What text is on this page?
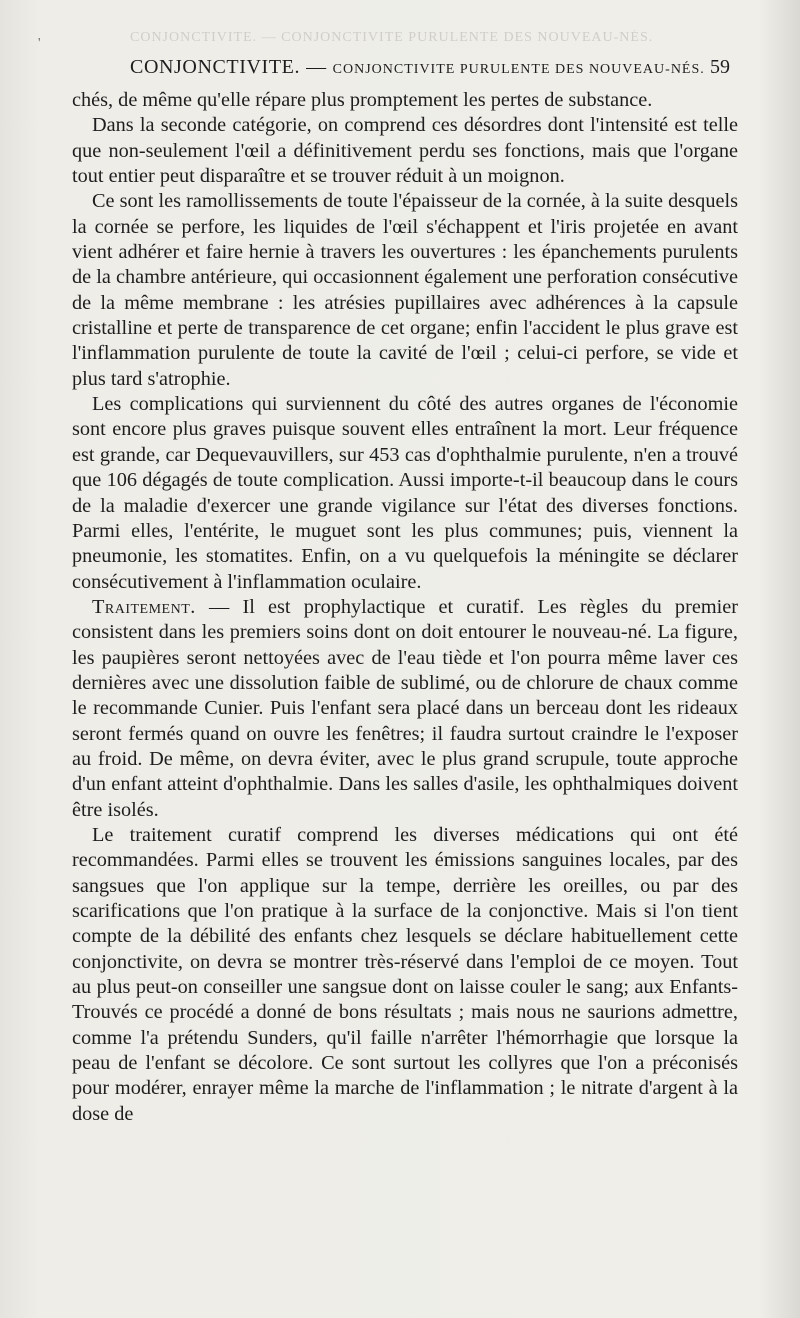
CONJONCTIVITE. — CONJONCTIVITE PURULENTE DES NOUVEAU-NÉS.
'
CONJONCTIVITE. — CONJONCTIVITE PURULENTE DES NOUVEAU-NÉS. 59

chés, de même qu'elle répare plus promptement les pertes de substance.

Dans la seconde catégorie, on comprend ces désordres dont l'intensité est telle que non-seulement l'œil a définitivement perdu ses fonctions, mais que l'organe tout entier peut disparaître et se trouver réduit à un moignon.

Ce sont les ramollissements de toute l'épaisseur de la cornée, à la suite desquels la cornée se perfore, les liquides de l'œil s'échappent et l'iris projetée en avant vient adhérer et faire hernie à travers les ouvertures : les épanchements purulents de la chambre antérieure, qui occasionnent également une perforation consécutive de la même membrane : les atrésies pupillaires avec adhérences à la capsule cristalline et perte de transparence de cet organe; enfin l'accident le plus grave est l'inflammation purulente de toute la cavité de l'œil ; celui-ci perfore, se vide et plus tard s'atrophie.

Les complications qui surviennent du côté des autres organes de l'économie sont encore plus graves puisque souvent elles entraînent la mort. Leur fréquence est grande, car Dequevauvillers, sur 453 cas d'ophthalmie purulente, n'en a trouvé que 106 dégagés de toute complication. Aussi importe-t-il beaucoup dans le cours de la maladie d'exercer une grande vigilance sur l'état des diverses fonctions. Parmi elles, l'entérite, le muguet sont les plus communes; puis, viennent la pneumonie, les stomatites. Enfin, on a vu quelquefois la méningite se déclarer consécutivement à l'inflammation oculaire.

Traitement. — Il est prophylactique et curatif. Les règles du premier consistent dans les premiers soins dont on doit entourer le nouveau-né. La figure, les paupières seront nettoyées avec de l'eau tiède et l'on pourra même laver ces dernières avec une dissolution faible de sublimé, ou de chlorure de chaux comme le recommande Cunier. Puis l'enfant sera placé dans un berceau dont les rideaux seront fermés quand on ouvre les fenêtres; il faudra surtout craindre le l'exposer au froid. De même, on devra éviter, avec le plus grand scrupule, toute approche d'un enfant atteint d'ophthalmie. Dans les salles d'asile, les ophthalmiques doivent être isolés.

Le traitement curatif comprend les diverses médications qui ont été recommandées. Parmi elles se trouvent les émissions sanguines locales, par des sangsues que l'on applique sur la tempe, derrière les oreilles, ou par des scarifications que l'on pratique à la surface de la conjonctive. Mais si l'on tient compte de la débilité des enfants chez lesquels se déclare habituellement cette conjonctivite, on devra se montrer très-réservé dans l'emploi de ce moyen. Tout au plus peut-on conseiller une sangsue dont on laisse couler le sang; aux Enfants-Trouvés ce procédé a donné de bons résultats ; mais nous ne saurions admettre, comme l'a prétendu Sunders, qu'il faille n'arrêter l'hémorrhagie que lorsque la peau de l'enfant se décolore. Ce sont surtout les collyres que l'on a préconisés pour modérer, enrayer même la marche de l'inflammation ; le nitrate d'argent à la dose de
